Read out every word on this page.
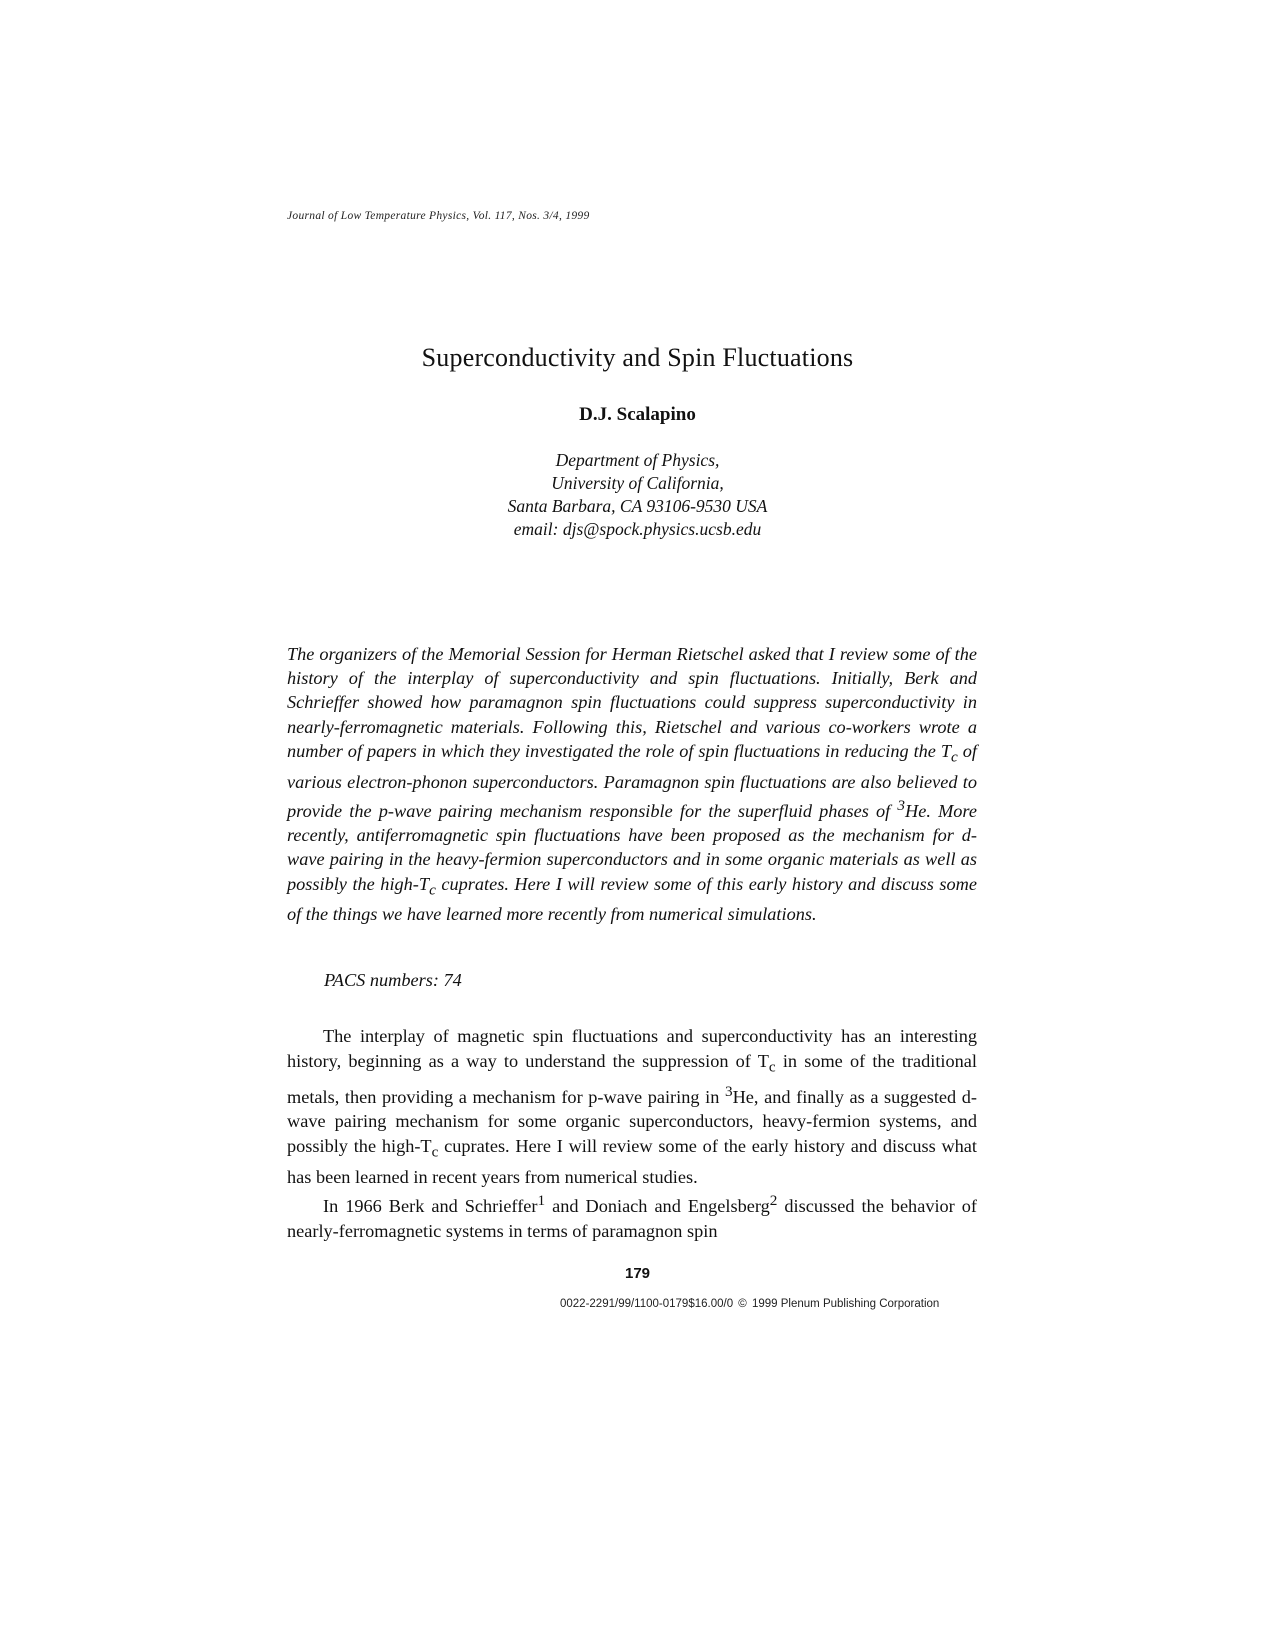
Journal of Low Temperature Physics, Vol. 117, Nos. 3/4, 1999
Superconductivity and Spin Fluctuations
D.J. Scalapino
Department of Physics,
University of California,
Santa Barbara, CA 93106-9530 USA
email: djs@spock.physics.ucsb.edu

The organizers of the Memorial Session for Herman Rietschel asked that I review some of the history of the interplay of superconductivity and spin fluctuations. Initially, Berk and Schrieffer showed how paramagnon spin fluctuations could suppress superconductivity in nearly-ferromagnetic materials. Following this, Rietschel and various co-workers wrote a number of papers in which they investigated the role of spin fluctuations in reducing the $T_c$ of various electron-phonon superconductors. Paramagnon spin fluctuations are also believed to provide the p-wave pairing mechanism responsible for the superfluid phases of $^3$He. More recently, antiferromagnetic spin fluctuations have been proposed as the mechanism for d-wave pairing in the heavy-fermion superconductors and in some organic materials as well as possibly the high-$T_c$ cuprates. Here I will review some of this early history and discuss some of the things we have learned more recently from numerical simulations.

PACS numbers: 74

The interplay of magnetic spin fluctuations and superconductivity has an interesting history, beginning as a way to understand the suppression of $T_c$ in some of the traditional metals, then providing a mechanism for p-wave pairing in $^3$He, and finally as a suggested d-wave pairing mechanism for some organic superconductors, heavy-fermion systems, and possibly the high-$T_c$ cuprates. Here I will review some of the early history and discuss what has been learned in recent years from numerical studies.

In 1966 Berk and Schrieffer$^1$ and Doniach and Engelsberg$^2$ discussed the behavior of nearly-ferromagnetic systems in terms of paramagnon spin

179
0022-2291/99/1100-0179$16.00/0 © 1999 Plenum Publishing Corporation
